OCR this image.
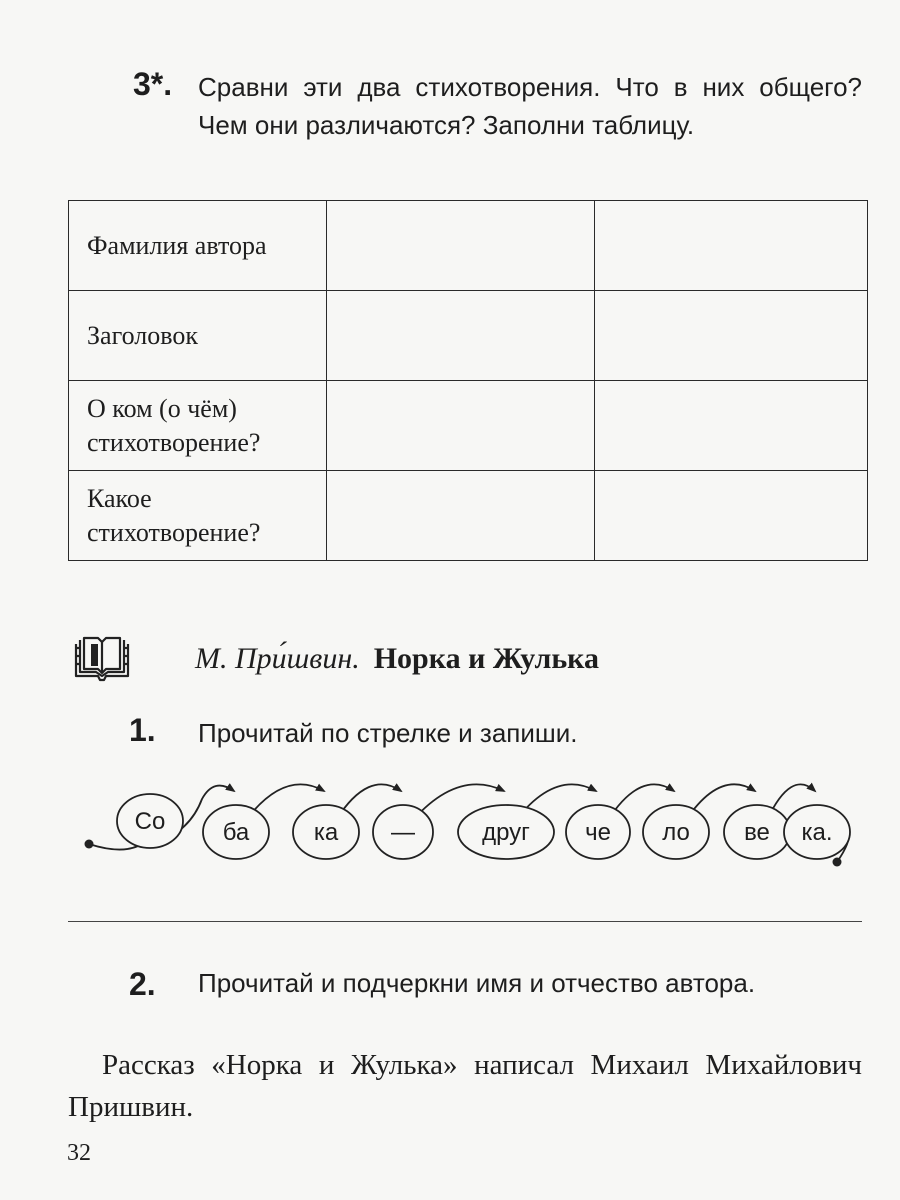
3*. Сравни эти два стихотворения. Что в них общего? Чем они различаются? Заполни таблицу.
Фамилия автора		
Заголовок		
О ком (о чём) стихотворение?		
Какое стихотворение?		
М. При́швин. Норка и Жулька
1. Прочитай по стрелке и запиши.
Со ба	ка —	друг че ло ве ка.
2. Прочитай и подчеркни имя и отчество автора.
Рассказ «Норка и Жулька» написал Михаил Михайлович Пришвин.
32
